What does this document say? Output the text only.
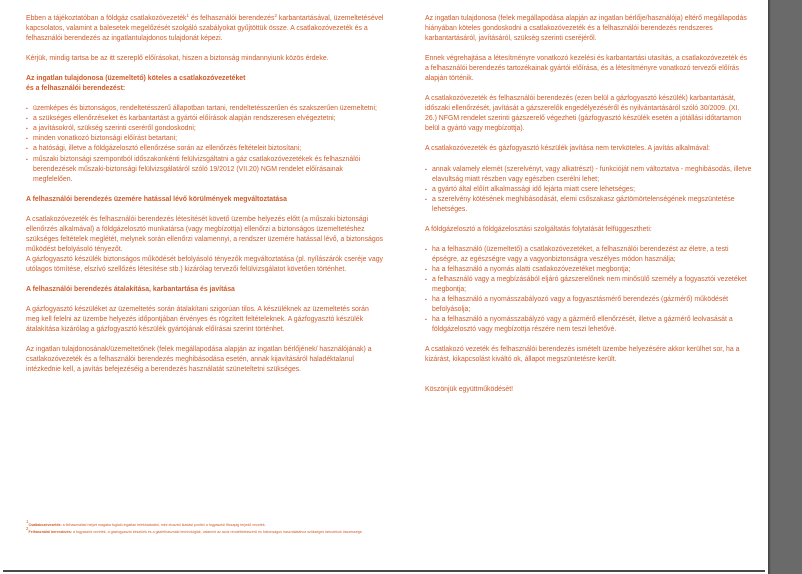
Ebben a tájékoztatóban a földgáz csatlakozóvezeték$^1$ és felhasználói berendezés$^2$ karbantartásával, üzemeltetésével kapcsolatos, valamint a balesetek megelőzését szolgáló szabályokat gyűjtöttük össze. A csatlakozóvezeték és a felhasználói berendezés az ingatlantulajdonos tulajdonát képezi.

Kérjük, mindig tartsa be az itt szereplő előírásokat, hiszen a biztonság mindannyiunk közös érdeke.

Az ingatlan tulajdonosa (üzemeltető) köteles a csatlakozóvezetéket
és a felhasználói berendezést:
▪ üzemképes és biztonságos, rendeltetésszerű állapotban tartani, rendeltetésszerűen és szakszerűen üzemeltetni;
▪ a szükséges ellenőrzéseket és karbantartást a gyártói előírások alapján rendszeresen elvégeztetni;
▪ a javításokról, szükség szerinti cseréről gondoskodni;
▪ minden vonatkozó biztonsági előírást betartani;
▪ a hatósági, illetve a földgázelosztó ellenőrzése során az ellenőrzés feltételeit biztosítani;
▪ műszaki biztonsági szempontból időszakonkénti felülvizsgáltatni a gáz csatlakozóvezetékek és felhasználói berendezések műszaki-biztonsági felülvizsgálatáról szóló 19/2012 (VII.20) NGM rendelet előírásainak megfelelően.
A felhasználói berendezés üzemére hatással lévő körülmények megváltoztatása

A csatlakozóvezeték és felhasználói berendezés létesítését követő üzembe helyezés előtt (a műszaki biztonsági ellenőrzés alkalmával) a földgázelosztó munkatársa (vagy megbízottja) ellenőrzi a biztonságos üzemeltetéshez szükséges feltételek meglétét, melynek során ellenőrzi valamennyi, a rendszer üzemére hatással lévő, a biztonságos működést befolyásoló tényezőt.

A gázfogyasztó készülék biztonságos működését befolyásoló tényezők megváltoztatása (pl. nyílászárók cseréje vagy utólagos tömítése, elszívó szellőzés létesítése stb.) kizárólag tervezői felülvizsgálatot követően történhet.

A felhasználói berendezés átalakítása, karbantartása és javítása

A gázfogyasztó készüléket az üzemeltetés során átalakítani szigorúan tilos. A készüléknek az üzemeltetés során meg kell felelni az üzembe helyezés időpontjában érvényes és rögzített feltételeknek. A gázfogyasztó készülék átalakítása kizárólag a gázfogyasztó készülék gyártójának előírásai szerint történhet.

Az ingatlan tulajdonosának/üzemeltetőnek (felek megállapodása alapján az ingatlan bérlőjének/ használójának) a csatlakozóvezeték és a felhasználói berendezés meghibásodása esetén, annak kijavításáról haladéktalanul intézkednie kell, a javítás befejezéséig a berendezés használatát szüneteltetni szükséges.

Az ingatlan tulajdonosa (felek megállapodása alapján az ingatlan bérlője/használója) eltérő megállapodás hiányában köteles gondoskodni a csatlakozóvezeték és a felhasználói berendezés rendszeres karbantartásáról, javításáról, szükség szerinti cseréjéről.

Ennek végrehajtása a létesítményre vonatkozó kezelési és karbantartási utasítás, a csatlakozóvezeték és a felhasználói berendezés tartozékainak gyártói előírása, és a létesítményre vonatkozó tervezői előírás alapján történik.

A csatlakozóvezeték és felhasználói berendezés (ezen belül a gázfogyasztó készülék) karbantartását, időszaki ellenőrzését, javítását a gázszerelők engedélyezéséről és nyilvántartásáról szóló 30/2009. (XI. 26.) NFGM rendelet szerinti gázszerelő végezheti (gázfogyasztó készülék esetén a jótállási időtartamon belül a gyártó vagy megbízottja).

A csatlakozóvezeték és gázfogyasztó készülék javítása nem tervköteles. A javítás alkalmával:

▪ annak valamely elemét (szerelvényt, vagy alkatrészt) - funkcióját nem változtatva - meghibásodás, illetve elavultság miatt részben vagy egészben cserélni lehet;
▪ a gyártó által előírt alkalmassági idő lejárta miatt csere lehetséges;
▪ a szerelvény kötésének meghibásodását, elemi csőszakasz gáztömörtelenségének megszüntetése lehetséges.

A földgázelosztó a földgázelosztási szolgáltatás folytatását felfüggesztheti:

▪ ha a felhasználó (üzemeltető) a csatlakozóvezetéket, a felhasználói berendezést az életre, a testi épségre, az egészségre vagy a vagyonbiztonságra veszélyes módon használja;
▪ ha a felhasználó a nyomás alatti csatlakozóvezetéket megbontja;
▪ a felhasználó vagy a megbízásából eljáró gázszerelőnek nem minősülő személy a fogyasztói vezetéket megbontja;
▪ ha a felhasználó a nyomásszabályozó vagy a fogyasztásmérő berendezés (gázmérő) működését befolyásolja;
▪ ha a felhasználó a nyomásszabályzó vagy a gázmérő ellenőrzését, illetve a gázmérő leolvasását a földgázelosztó vagy megbízottja részére nem teszi lehetővé.

A csatlakozó vezeték és felhasználói berendezés ismételt üzembe helyezésére akkor kerülhet sor, ha a kizárást, kikapcsolást kiváltó ok, állapot megszüntetésre került.

Köszönjük együttműködését!

$^1$Csatlakozóvezeték: a felhasználási helyet magába foglaló ingatlan telekhatárától, mint elosztói kiadási ponttól a fogyasztói főcsapig terjedő vezeték.
$^2$Felhasználói berendezés: a fogyasztói vezeték, a gázfogyasztó készülék és a gázfelhasználó technológiák, valamint az azok rendeltetésszerű és biztonságos használatához szükséges tartozékok összessége.
